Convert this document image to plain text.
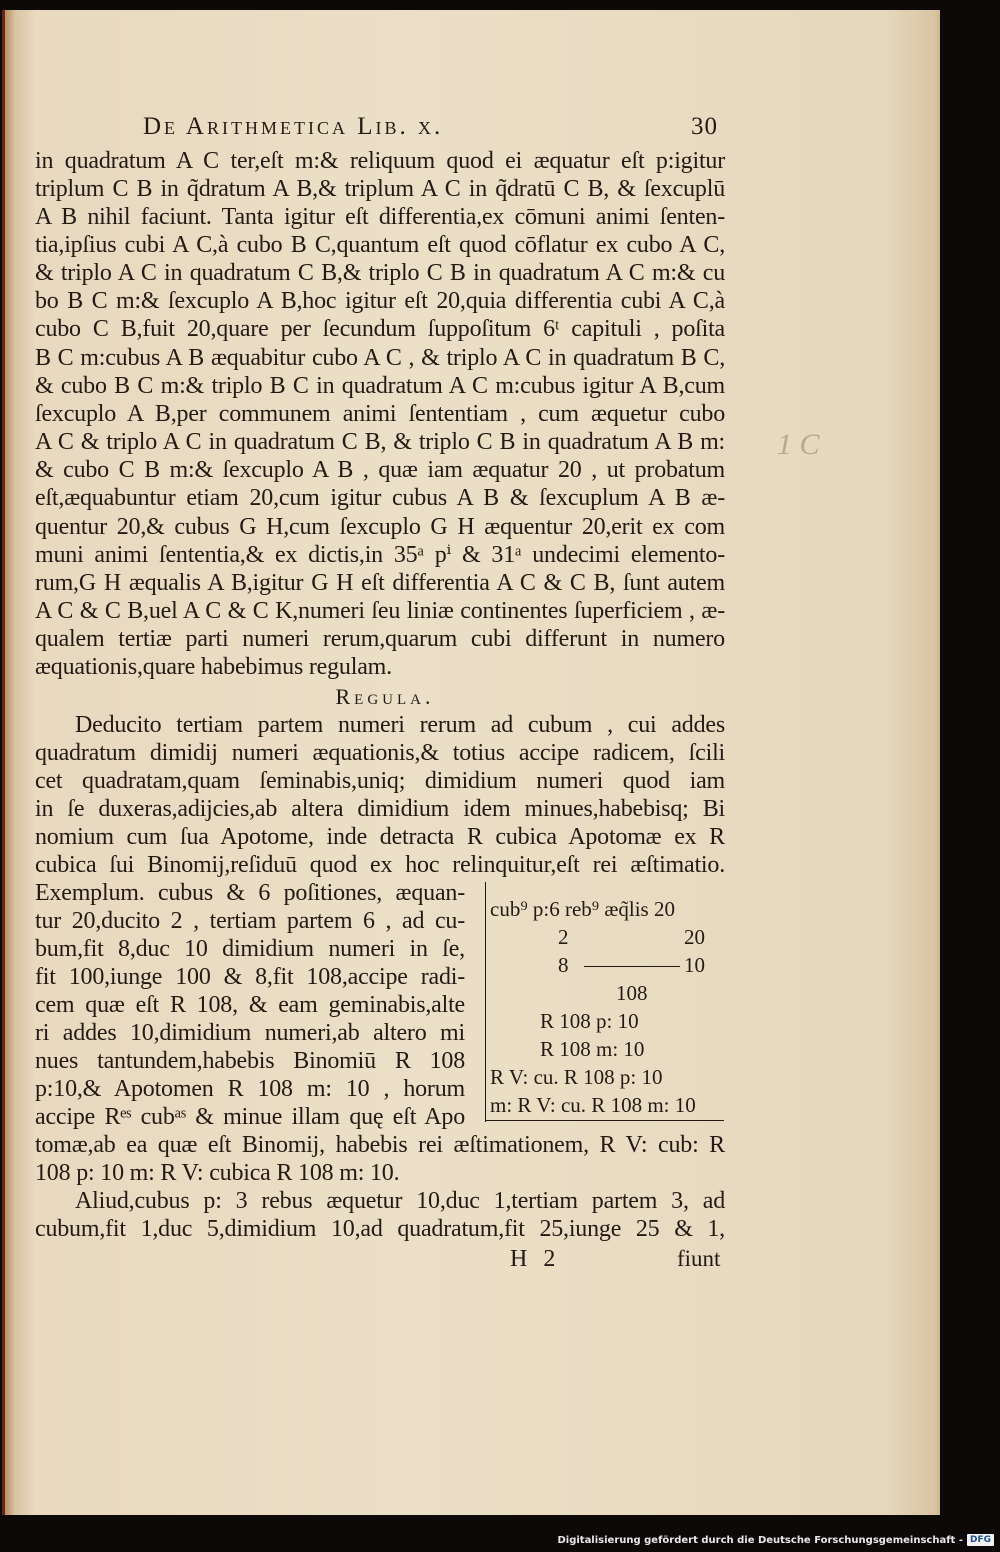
De Arithmetica Lib. x.	30
in quadratum A C ter,eſt m:& reliquum quod ei æquatur eſt p:igitur
triplum C B in q̃dratum A B,& triplum A C in q̃dratū C B, & ſexcuplū
A B nihil faciunt. Tanta igitur eſt differentia,ex cōmuni animi ſenten-
tia,ipſius cubi A C,à cubo B C,quantum eſt quod cōflatur ex cubo A C,
& triplo A C in quadratum C B,& triplo C B in quadratum A C m:& cu
bo B C m:& ſexcuplo A B,hoc igitur eſt 20,quia differentia cubi A C,à
cubo C B,fuit 20,quare per ſecundum ſuppoſitum 6ᵗ capituli , poſita
B C m:cubus A B æquabitur cubo A C , & triplo A C in quadratum B C,
& cubo B C m:& triplo B C in quadratum A C m:cubus igitur A B,cum
ſexcuplo A B,per communem animi ſententiam , cum æquetur cubo
A C & triplo A C in quadratum C B, & triplo C B in quadratum A B m:
& cubo C B m:& ſexcuplo A B , quæ iam æquatur 20 , ut probatum
eſt,æquabuntur etiam 20,cum igitur cubus A B & ſexcuplum A B æ-
quentur 20,& cubus G H,cum ſexcuplo G H æquentur 20,erit ex com
muni animi ſententia,& ex dictis,in 35ᵃ pⁱ & 31ᵃ undecimi elemento-
rum,G H æqualis A B,igitur G H eſt differentia A C & C B, ſunt autem
A C & C B,uel A C & C K,numeri ſeu liniæ continentes ſuperficiem , æ-
qualem tertiæ parti numeri rerum,quarum cubi differunt in numero
æquationis,quare habebimus regulam.
Regula.
Deducito tertiam partem numeri rerum ad cubum , cui addes
quadratum dimidij numeri æquationis,& totius accipe radicem, ſcili
cet quadratam,quam ſeminabis,uniq; dimidium numeri quod iam
in ſe duxeras,adijcies,ab altera dimidium idem minues,habebisq; Bi
nomium cum ſua Apotome, inde detracta R cubica Apotomæ ex R
cubica ſui Binomij,reſiduū quod ex hoc relinquitur,eſt rei æſtimatio.
Exemplum. cubus & 6 poſitiones, æquan-
tur 20,ducito 2 , tertiam partem 6 , ad cu-
bum,fit 8,duc 10 dimidium numeri in ſe,
fit 100,iunge 100 & 8,fit 108,accipe radi-
cem quæ eſt R 108, & eam geminabis,alte
ri addes 10,dimidium numeri,ab altero mi
nues tantundem,habebis Binomiū R 108
p:10,& Apotomen R 108 m: 10 , horum
accipe Rᵉˢ cubᵃˢ & minue illam quę eſt Apo
cub⁹ p:6 reb⁹ æq̃lis 20
2	20
8	10
108
R 108 p: 10
R 108 m: 10
R V: cu. R 108 p: 10
m: R V: cu. R 108 m: 10
tomæ,ab ea quæ eſt Binomij, habebis rei æſtimationem, R V: cub: R
108 p: 10 m: R V: cubica R 108 m: 10.
Aliud,cubus p: 3 rebus æquetur 10,duc 1,tertiam partem 3, ad
cubum,fit 1,duc 5,dimidium 10,ad quadratum,fit 25,iunge 25 & 1,
H 2	fiunt
1 C
Digitalisierung gefördert durch die Deutsche Forschungsgemeinschaft - DFG
